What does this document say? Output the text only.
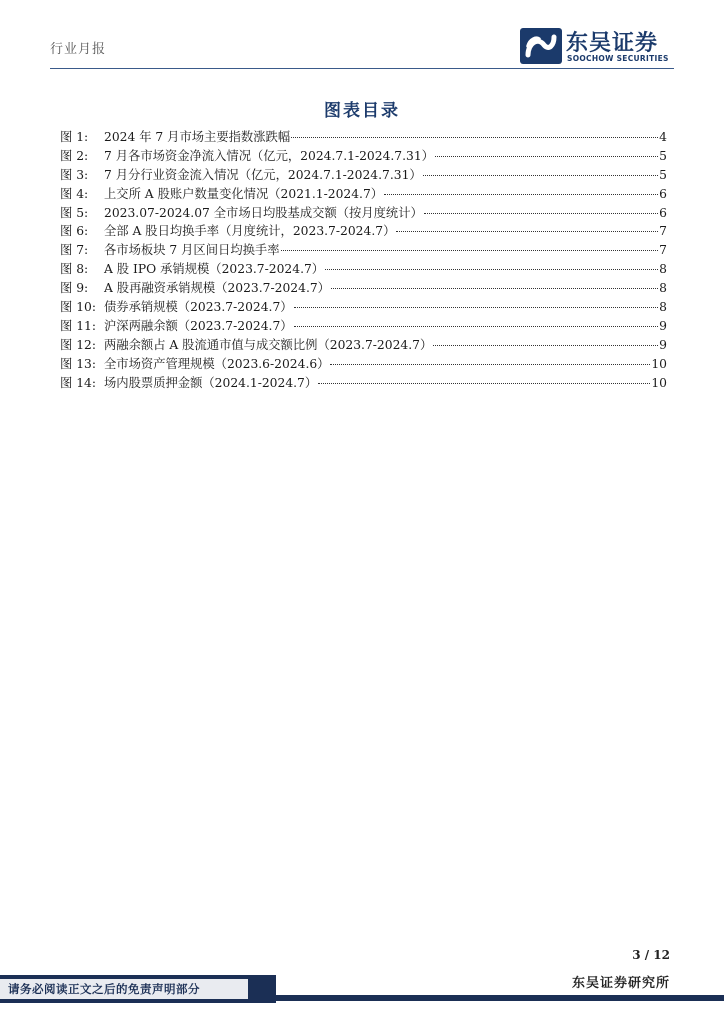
行业月报	东吴证券
SOOCHOW SECURITIES
图表目录
图 1:	2024 年 7 月市场主要指数涨跌幅	4
图 2:	7 月各市场资金净流入情况（亿元，2024.7.1-2024.7.31）	5
图 3:	7 月分行业资金流入情况（亿元，2024.7.1-2024.7.31）	5
图 4:	上交所 A 股账户数量变化情况（2021.1-2024.7）	6
图 5:	2023.07-2024.07 全市场日均股基成交额（按月度统计）	6
图 6:	全部 A 股日均换手率（月度统计，2023.7-2024.7）	7
图 7:	各市场板块 7 月区间日均换手率	7
图 8:	A 股 IPO 承销规模（2023.7-2024.7）	8
图 9:	A 股再融资承销规模（2023.7-2024.7）	8
图 10: 债券承销规模（2023.7-2024.7）	8
图 11: 沪深两融余额（2023.7-2024.7）	9
图 12: 两融余额占 A 股流通市值与成交额比例（2023.7-2024.7）	9
图 13: 全市场资产管理规模（2023.6-2024.6）	10
图 14: 场内股票质押金额（2024.1-2024.7）	10
3 / 12
东吴证券研究所
请务必阅读正文之后的免责声明部分
